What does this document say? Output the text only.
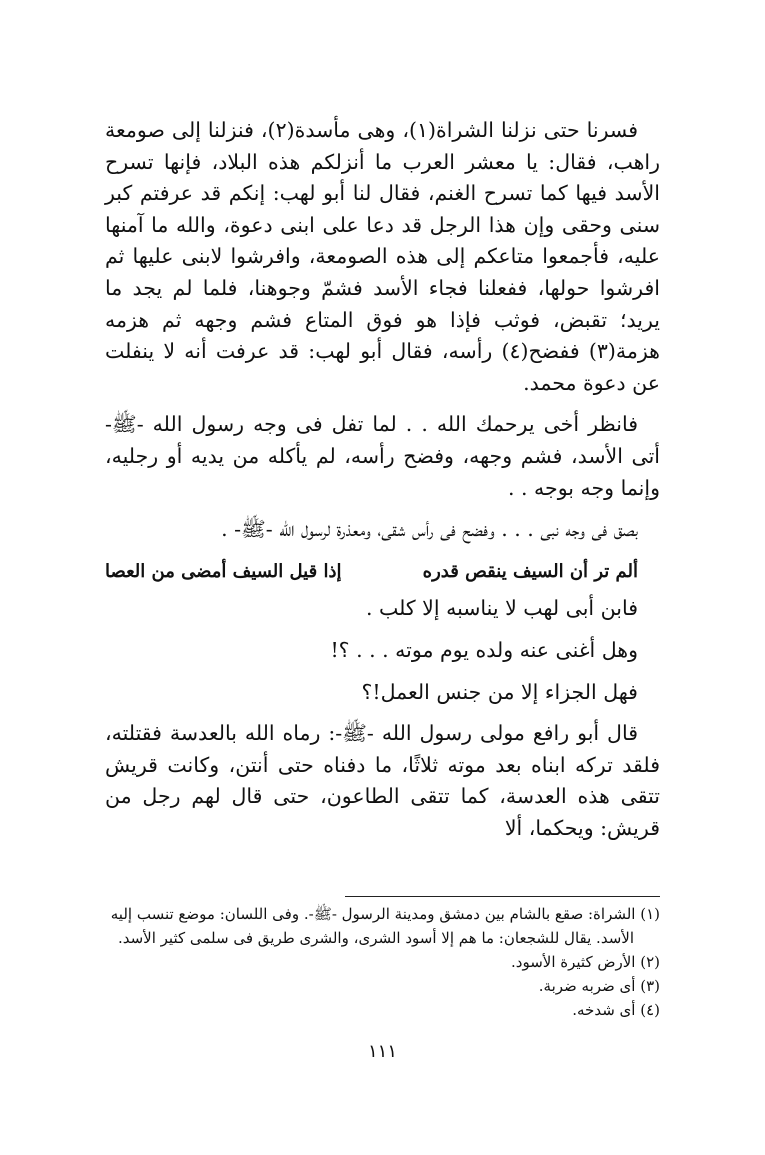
فسرنا حتى نزلنا الشراة(١)، وهى مأسدة(٢)، فنزلنا إلى صومعة راهب، فقال: يا معشر العرب ما أنزلكم هذه البلاد، فإنها تسرح الأسد فيها كما تسرح الغنم، فقال لنا أبو لهب: إنكم قد عرفتم كبر سنى وحقى وإن هذا الرجل قد دعا على ابنى دعوة، والله ما آمنها عليه، فأجمعوا متاعكم إلى هذه الصومعة، وافرشوا لابنى عليها ثم افرشوا حولها، ففعلنا فجاء الأسد فشمّ وجوهنا، فلما لم يجد ما يريد؛ تقبض، فوثب فإذا هو فوق المتاع فشم وجهه ثم هزمه هزمة(٣) ففضح(٤) رأسه، فقال أبو لهب: قد عرفت أنه لا ينفلت عن دعوة محمد.

فانظر أخى يرحمك الله . . لما تفل فى وجه رسول الله -ﷺ- أتى الأسد، فشم وجهه، وفضح رأسه، لم يأكله من يديه أو رجليه، وإنما وجه بوجه . .

بصق فى وجه نبى . . . وفضح فى رأس شقى، ومعذرة لرسول الله -ﷺ- .

ألم تر أن السيف ينقص قدره
إذا قيل السيف أمضى من العصا

فابن أبى لهب لا يناسبه إلا كلب .

وهل أغنى عنه ولده يوم موته . . . ؟!

فهل الجزاء إلا من جنس العمل!؟

قال أبو رافع مولى رسول الله -ﷺ-: رماه الله بالعدسة فقتلته، فلقد تركه ابناه بعد موته ثلاثًا، ما دفناه حتى أنتن، وكانت قريش تتقى هذه العدسة، كما تتقى الطاعون، حتى قال لهم رجل من قريش: ويحكما، ألا

(١) الشراة: صقع بالشام بين دمشق ومدينة الرسول -ﷺ-. وفى اللسان: موضع تنسب إليه

الأسد. يقال للشجعان: ما هم إلا أسود الشرى، والشرى طريق فى سلمى كثير الأسد.

(٢) الأرض كثيرة الأسود.

(٣) أى ضربه ضربة.

(٤) أى شدخه.

١١١
